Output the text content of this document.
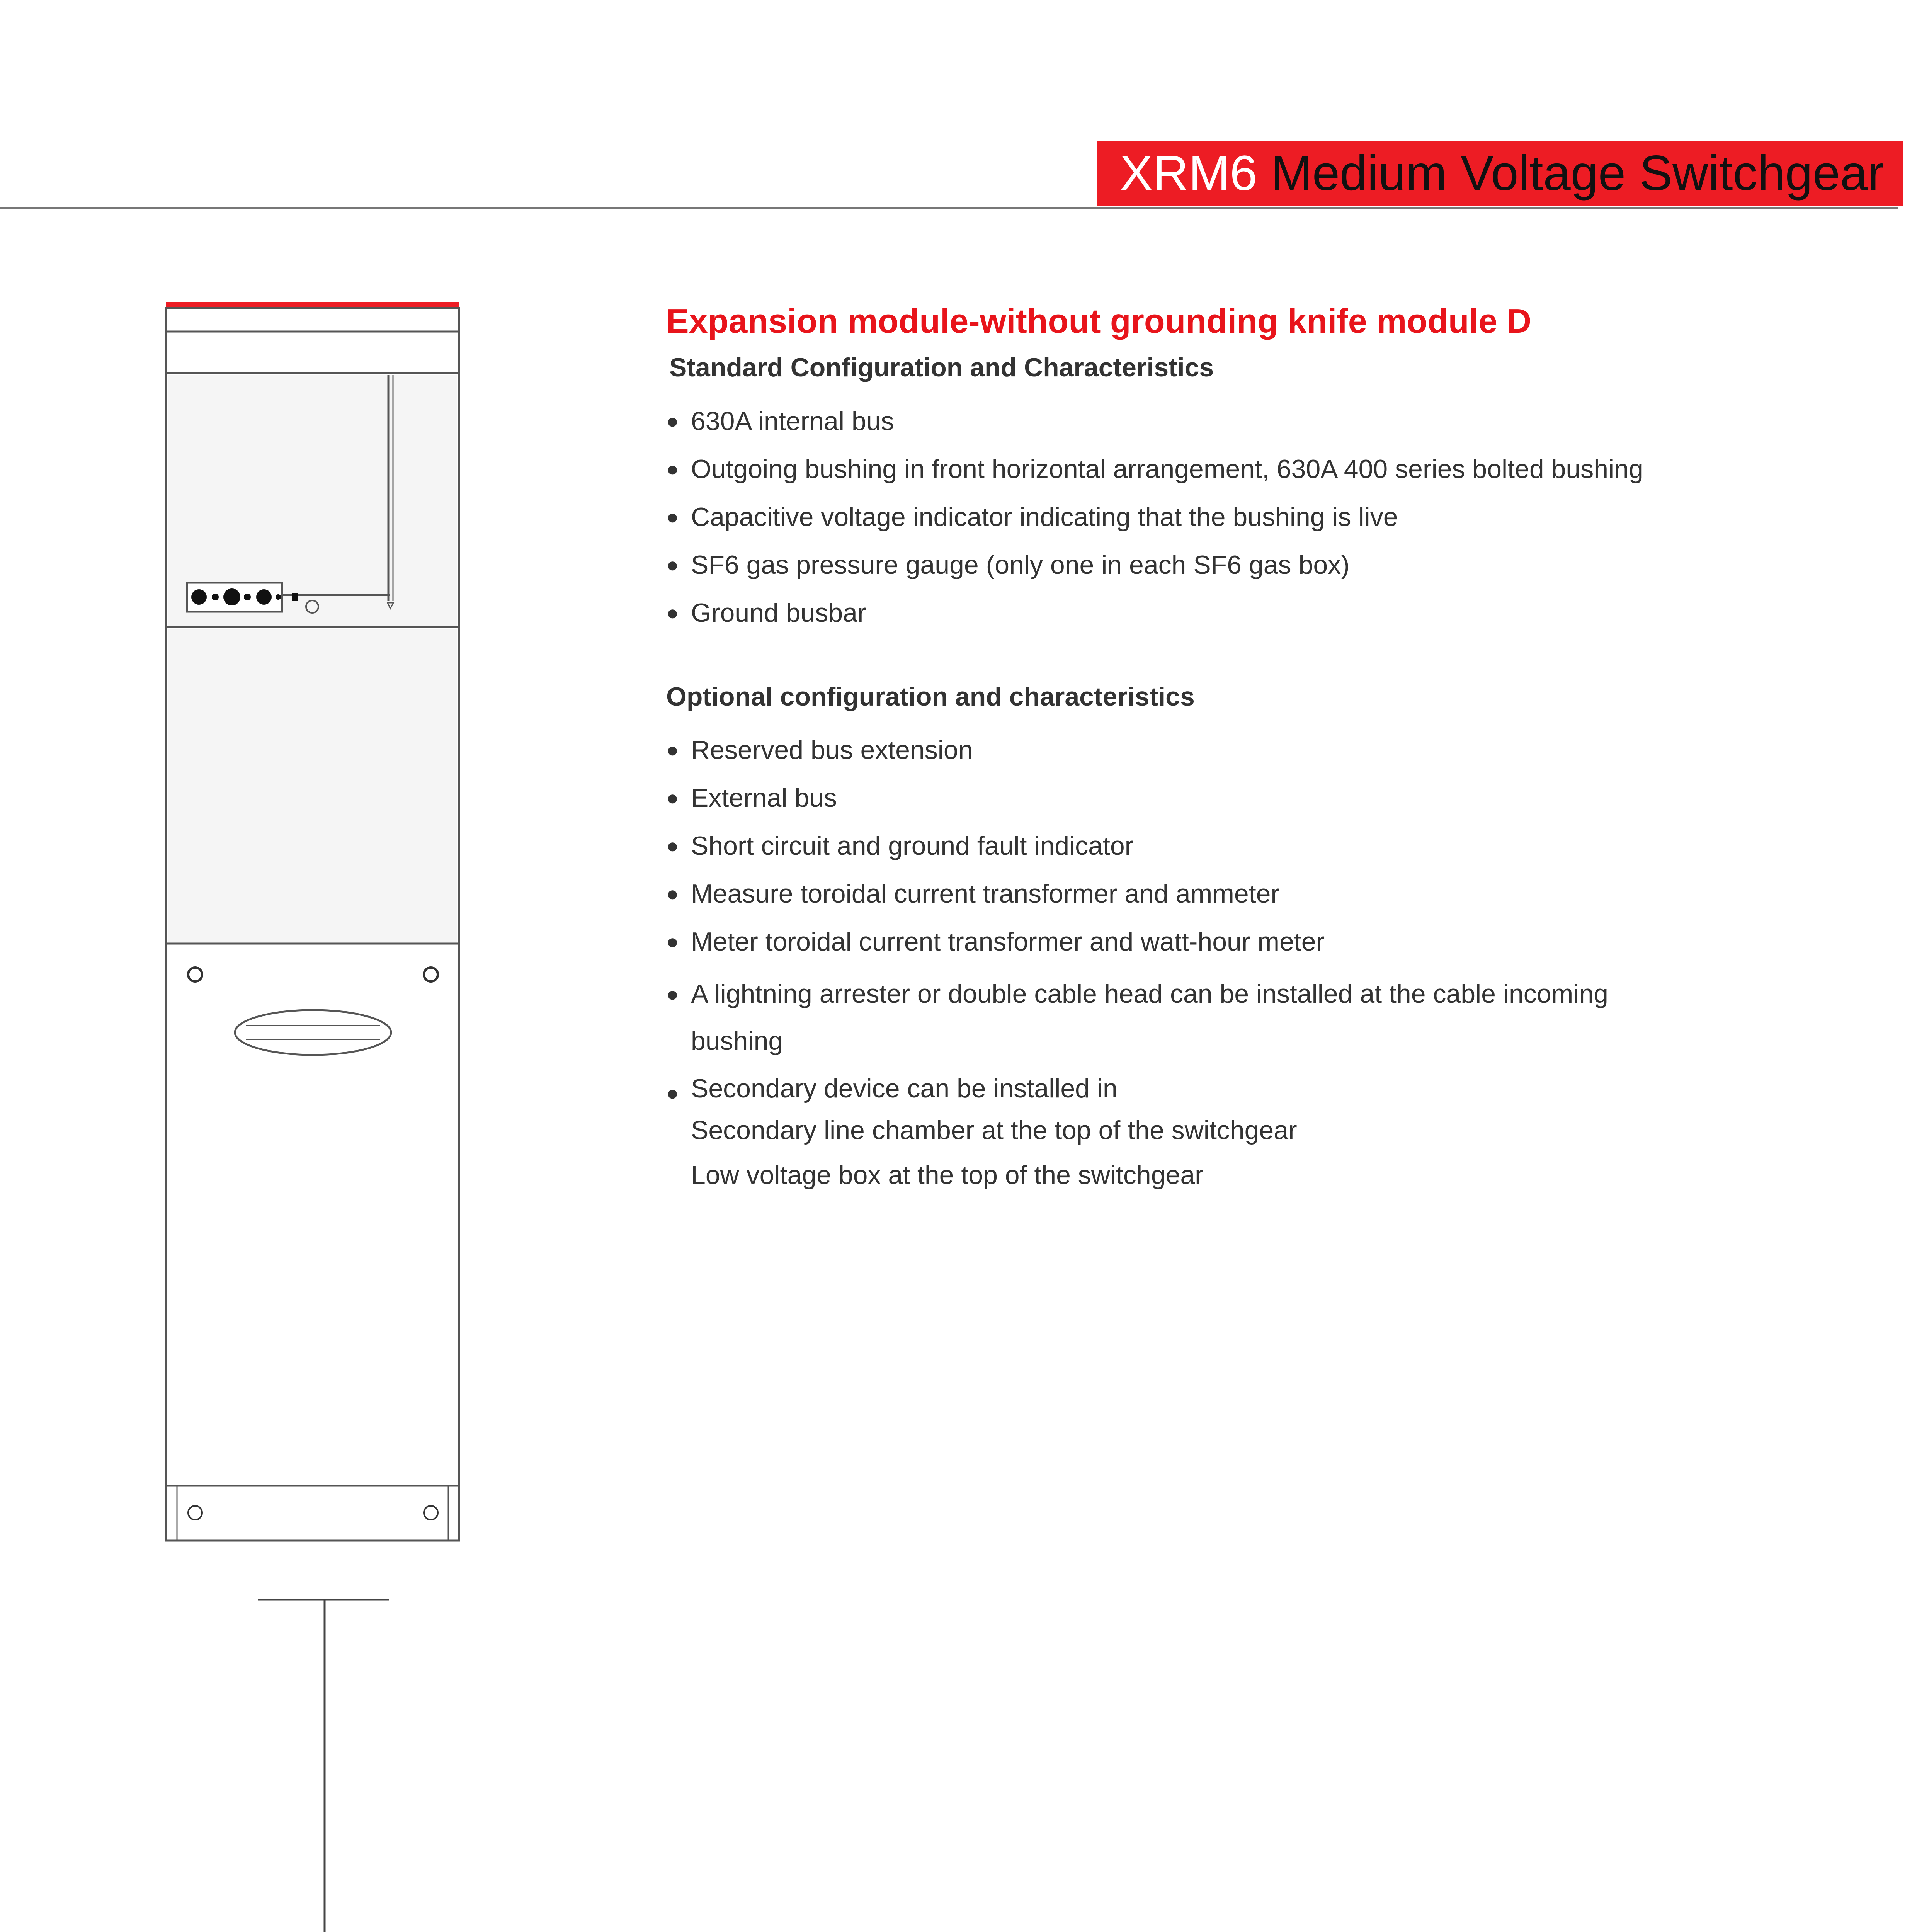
XRM6
Medium Voltage Switchgear
Expansion module-without grounding knife module D
Standard Configuration and Characteristics
● 630A internal bus
● Outgoing bushing in front horizontal arrangement, 630A 400 series bolted bushing
● Capacitive voltage indicator indicating that the bushing is live
● SF6 gas pressure gauge (only one in each SF6 gas box)
● Ground busbar
Optional configuration and characteristics
● Reserved bus extension
● External bus
● Short circuit and ground fault indicator
● Measure toroidal current transformer and ammeter
● Meter toroidal current transformer and watt-hour meter
● A lightning arrester or double cable head can be installed at the cable incoming bushing
● Secondary device can be installed in
Secondary line chamber at the top of the switchgear
Low voltage box at the top of the switchgear
